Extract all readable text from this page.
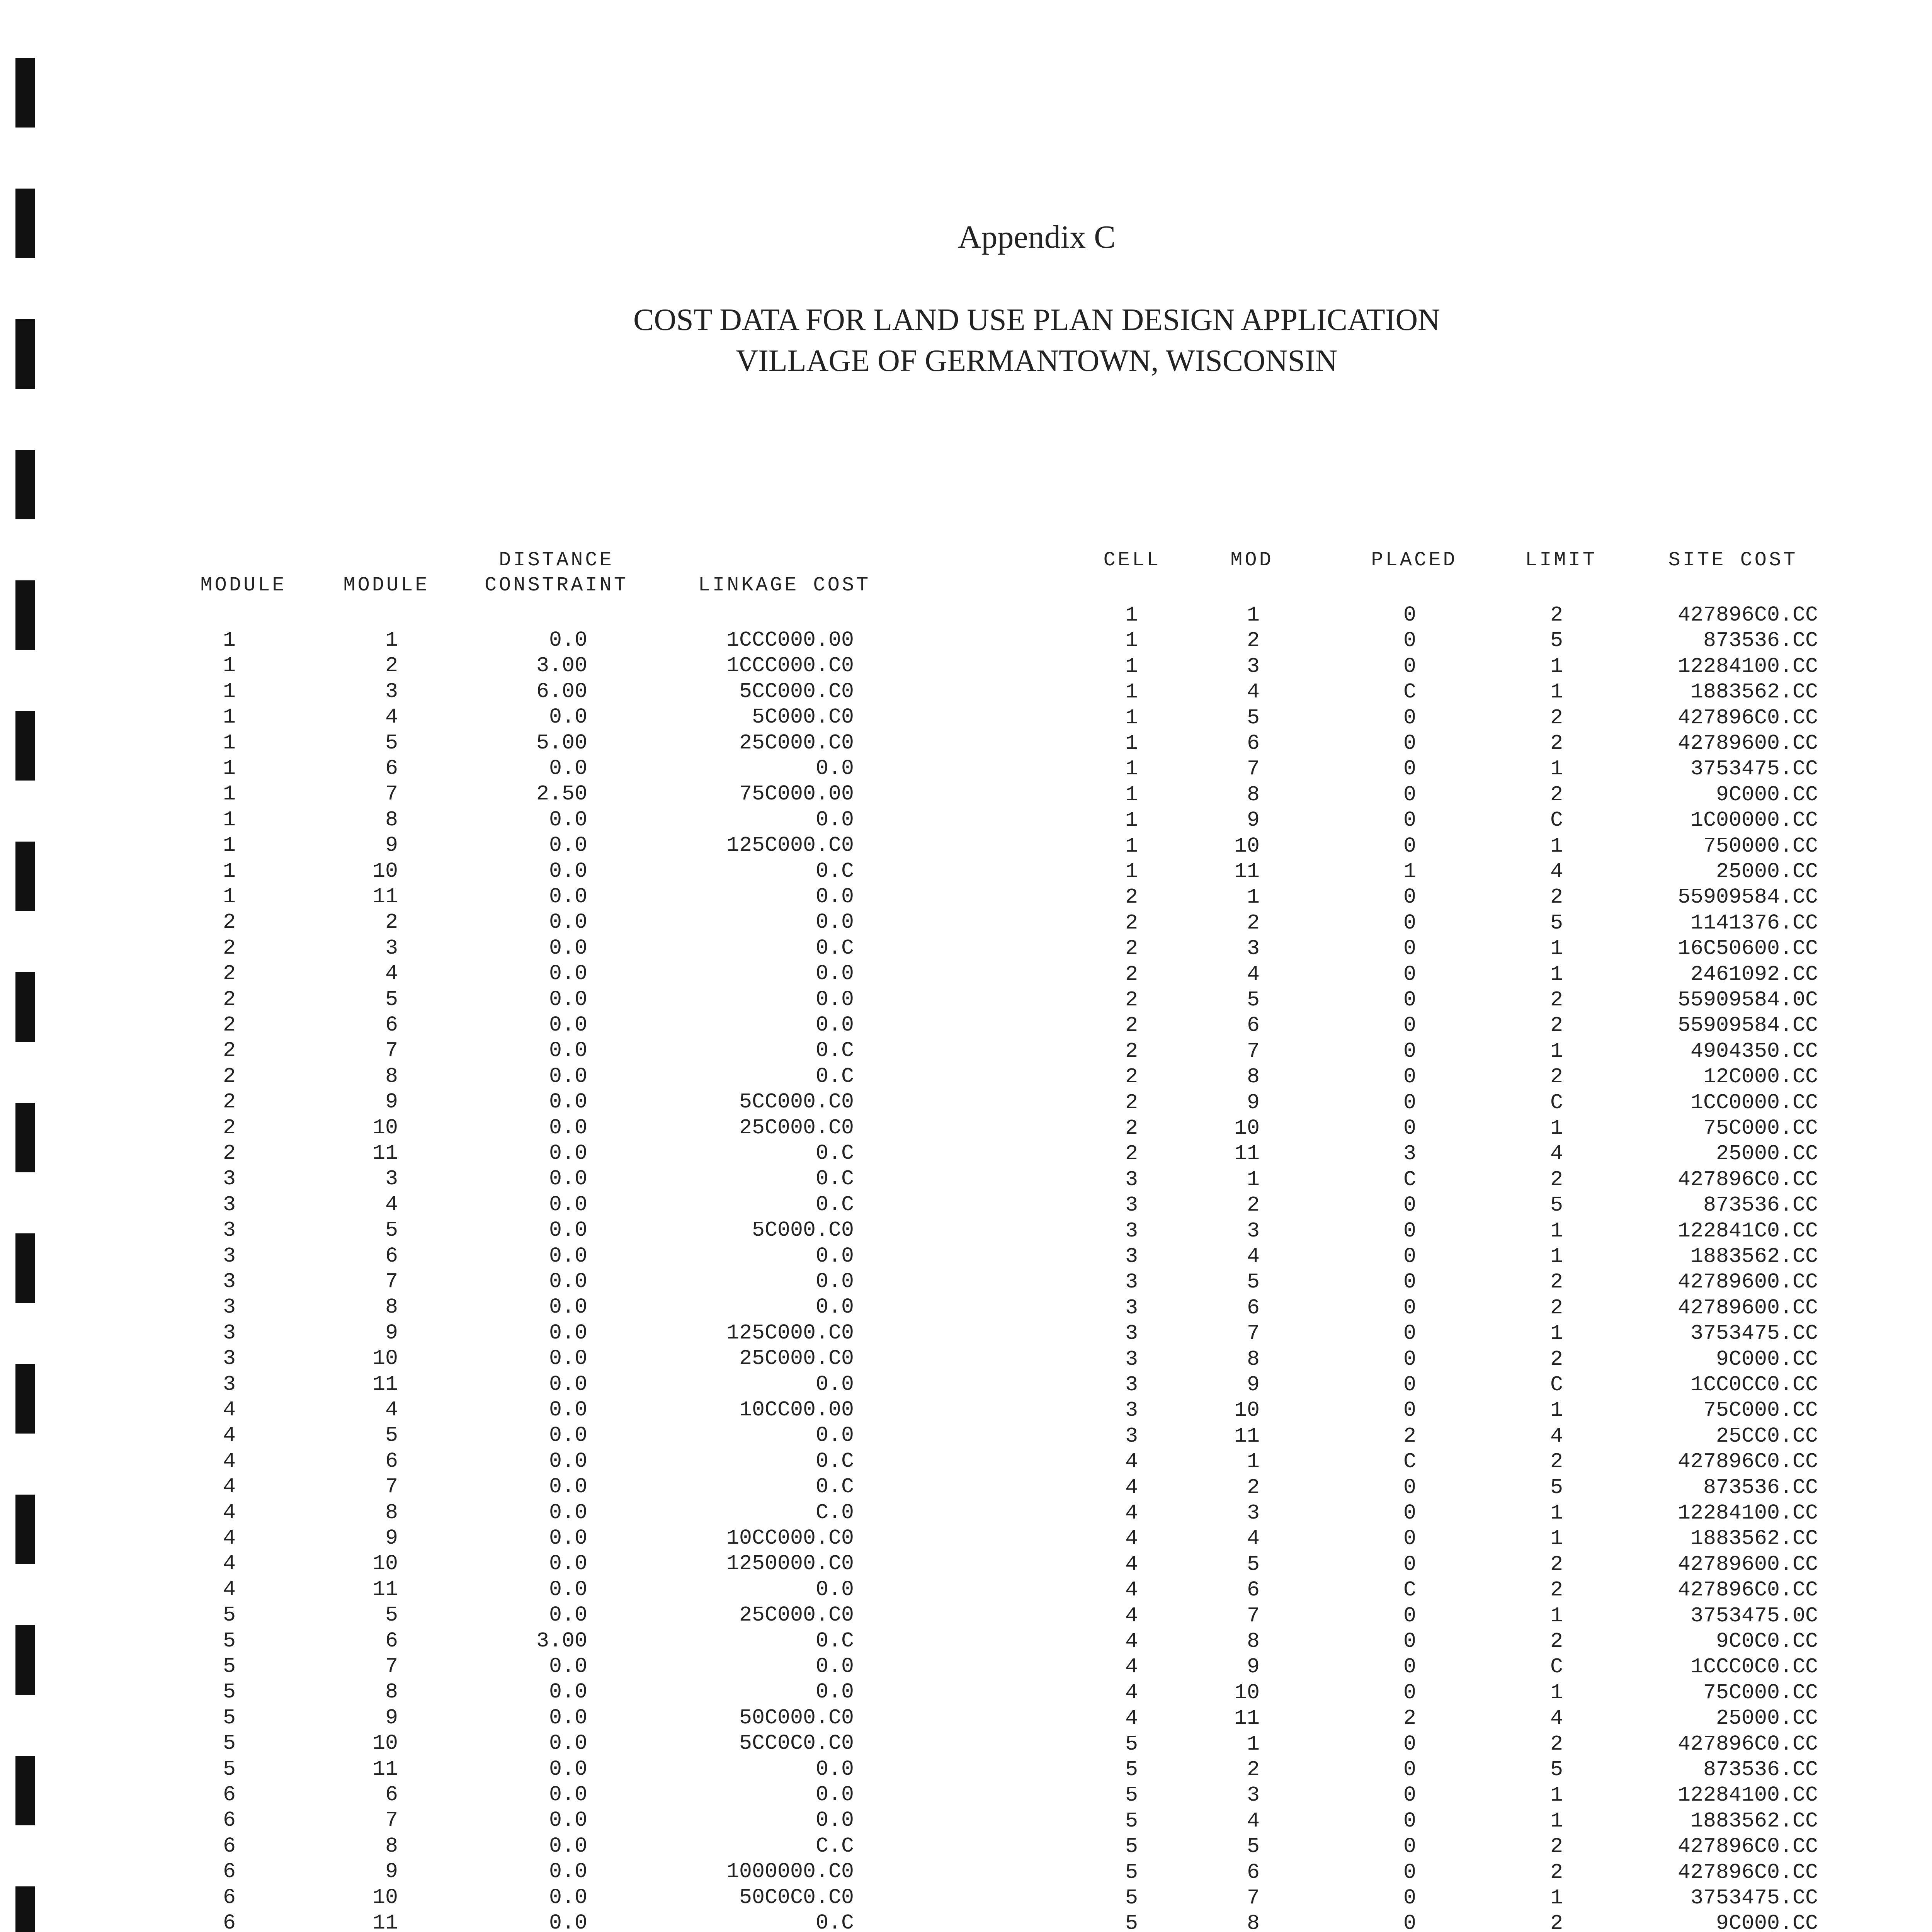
Appendix C
COST DATA FOR LAND USE PLAN DESIGN APPLICATION
VILLAGE OF GERMANTOWN, WISCONSIN
MODULE	MODULE
DISTANCE
CONSTRAINT	LINKAGE COST
1	1	0.0	1CCC000.00
1	2	3.00	1CCC000.C0
1	3	6.00	5CC000.C0
1	4	0.0	5C000.C0
1	5	5.00	25C000.C0
1	6	0.0	0.0
1	7	2.50	75C000.00
1	8	0.0	0.0
1	9	0.0	125C000.C0
1	10	0.0	0.C
1	11	0.0	0.0
2	2	0.0	0.0
2	3	0.0	0.C
2	4	0.0	0.0
2	5	0.0	0.0
2	6	0.0	0.0
2	7	0.0	0.C
2	8	0.0	0.C
2	9	0.0	5CC000.C0
2	10	0.0	25C000.C0
2	11	0.0	0.C
3	3	0.0	0.C
3	4	0.0	0.C
3	5	0.0	5C000.C0
3	6	0.0	0.0
3	7	0.0	0.0
3	8	0.0	0.0
3	9	0.0	125C000.C0
3	10	0.0	25C000.C0
3	11	0.0	0.0
4	4	0.0	10CC00.00
4	5	0.0	0.0
4	6	0.0	0.C
4	7	0.0	0.C
4	8	0.0	C.0
4	9	0.0	10CC000.C0
4	10	0.0	1250000.C0
4	11	0.0	0.0
5	5	0.0	25C000.C0
5	6	3.00	0.C
5	7	0.0	0.0
5	8	0.0	0.0
5	9	0.0	50C000.C0
5	10	0.0	5CC0C0.C0
5	11	0.0	0.0
6	6	0.0	0.0
6	7	0.0	0.0
6	8	0.0	C.C
6	9	0.0	1000000.C0
6	10	0.0	50C0C0.C0
6	11	0.0	0.C
CELL	MOD	PLACED	LIMIT	SITE COST
1	1	0	2	427896C0.CC
1	2	0	5	873536.CC
1	3	0	1	12284100.CC
1	4	C	1	1883562.CC
1	5	0	2	427896C0.CC
1	6	0	2	42789600.CC
1	7	0	1	3753475.CC
1	8	0	2	9C000.CC
1	9	0	C	1C00000.CC
1	10	0	1	750000.CC
1	11	1	4	25000.CC
2	1	0	2	55909584.CC
2	2	0	5	1141376.CC
2	3	0	1	16C50600.CC
2	4	0	1	2461092.CC
2	5	0	2	55909584.0C
2	6	0	2	55909584.CC
2	7	0	1	4904350.CC
2	8	0	2	12C000.CC
2	9	0	C	1CC0000.CC
2	10	0	1	75C000.CC
2	11	3	4	25000.CC
3	1	C	2	427896C0.CC
3	2	0	5	873536.CC
3	3	0	1	122841C0.CC
3	4	0	1	1883562.CC
3	5	0	2	42789600.CC
3	6	0	2	42789600.CC
3	7	0	1	3753475.CC
3	8	0	2	9C000.CC
3	9	0	C	1CC0CC0.CC
3	10	0	1	75C000.CC
3	11	2	4	25CC0.CC
4	1	C	2	427896C0.CC
4	2	0	5	873536.CC
4	3	0	1	12284100.CC
4	4	0	1	1883562.CC
4	5	0	2	42789600.CC
4	6	C	2	427896C0.CC
4	7	0	1	3753475.0C
4	8	0	2	9C0C0.CC
4	9	0	C	1CCC0C0.CC
4	10	0	1	75C000.CC
4	11	2	4	25000.CC
5	1	0	2	427896C0.CC
5	2	0	5	873536.CC
5	3	0	1	12284100.CC
5	4	0	1	1883562.CC
5	5	0	2	427896C0.CC
5	6	0	2	427896C0.CC
5	7	0	1	3753475.CC
5	8	0	2	9C000.CC
